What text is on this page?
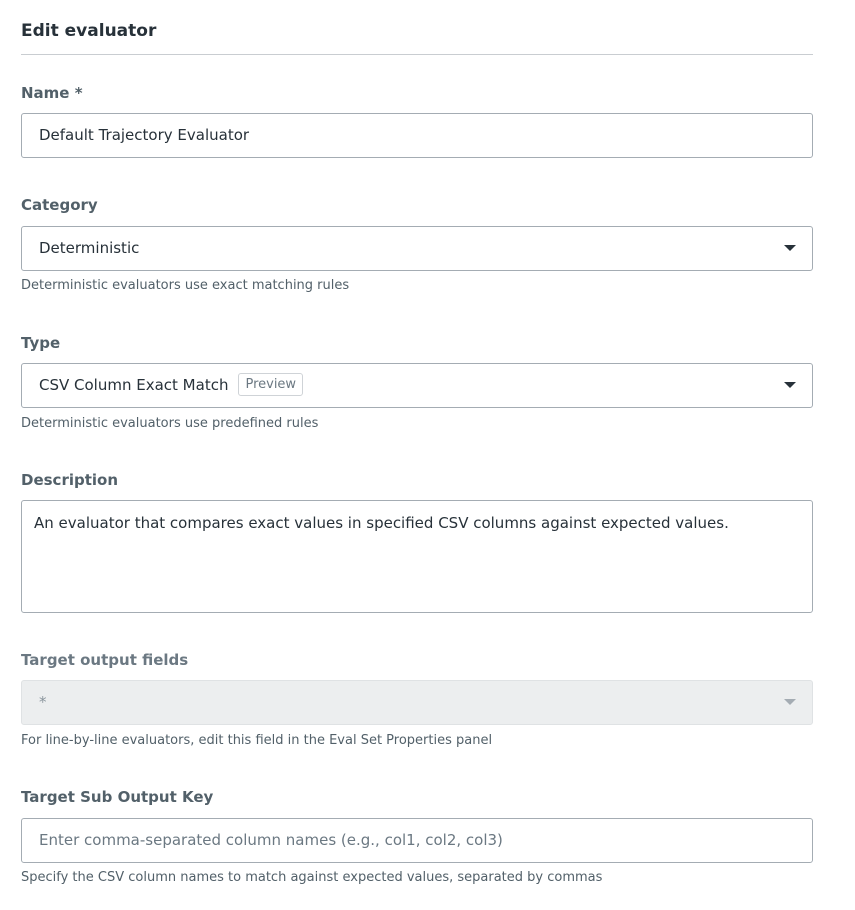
Edit evaluator
Name *
Default Trajectory Evaluator
Category
Deterministic
Deterministic evaluators use exact matching rules
Type
CSV Column Exact Match Preview
Deterministic evaluators use predefined rules
Description
An evaluator that compares exact values in specified CSV columns against expected values.
Target output fields
*
For line-by-line evaluators, edit this field in the Eval Set Properties panel
Target Sub Output Key
Enter comma-separated column names (e.g., col1, col2, col3)
Specify the CSV column names to match against expected values, separated by commas
